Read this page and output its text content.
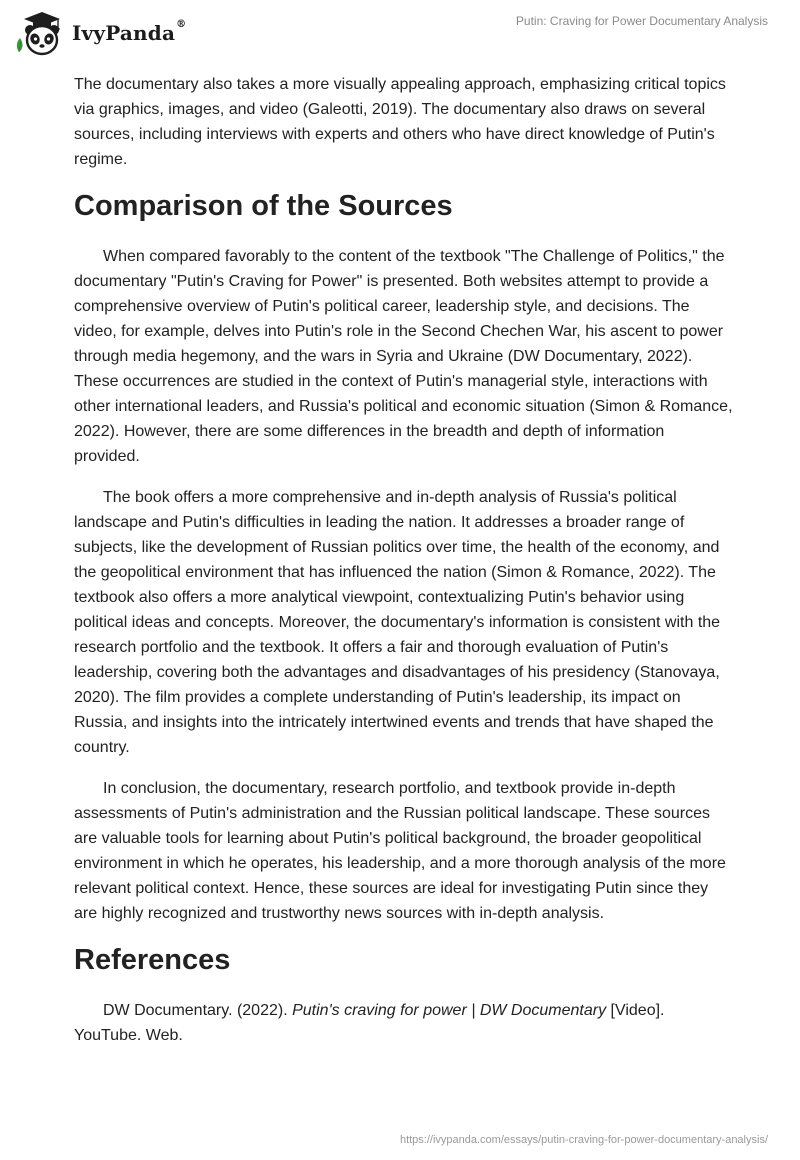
IvyPanda ®	Putin: Craving for Power Documentary Analysis

The documentary also takes a more visually appealing approach, emphasizing critical topics via graphics, images, and video (Galeotti, 2019). The documentary also draws on several sources, including interviews with experts and others who have direct knowledge of Putin's regime.

Comparison of the Sources

When compared favorably to the content of the textbook "The Challenge of Politics," the documentary "Putin's Craving for Power" is presented. Both websites attempt to provide a comprehensive overview of Putin's political career, leadership style, and decisions. The video, for example, delves into Putin's role in the Second Chechen War, his ascent to power through media hegemony, and the wars in Syria and Ukraine (DW Documentary, 2022). These occurrences are studied in the context of Putin's managerial style, interactions with other international leaders, and Russia's political and economic situation (Simon & Romance, 2022). However, there are some differences in the breadth and depth of information provided.

The book offers a more comprehensive and in-depth analysis of Russia's political landscape and Putin's difficulties in leading the nation. It addresses a broader range of subjects, like the development of Russian politics over time, the health of the economy, and the geopolitical environment that has influenced the nation (Simon & Romance, 2022). The textbook also offers a more analytical viewpoint, contextualizing Putin's behavior using political ideas and concepts. Moreover, the documentary's information is consistent with the research portfolio and the textbook. It offers a fair and thorough evaluation of Putin's leadership, covering both the advantages and disadvantages of his presidency (Stanovaya, 2020). The film provides a complete understanding of Putin's leadership, its impact on Russia, and insights into the intricately intertwined events and trends that have shaped the country.

In conclusion, the documentary, research portfolio, and textbook provide in-depth assessments of Putin's administration and the Russian political landscape. These sources are valuable tools for learning about Putin's political background, the broader geopolitical environment in which he operates, his leadership, and a more thorough analysis of the more relevant political context. Hence, these sources are ideal for investigating Putin since they are highly recognized and trustworthy news sources with in-depth analysis.

References

DW Documentary. (2022). Putin's craving for power | DW Documentary [Video]. YouTube. Web.

https://ivypanda.com/essays/putin-craving-for-power-documentary-analysis/
